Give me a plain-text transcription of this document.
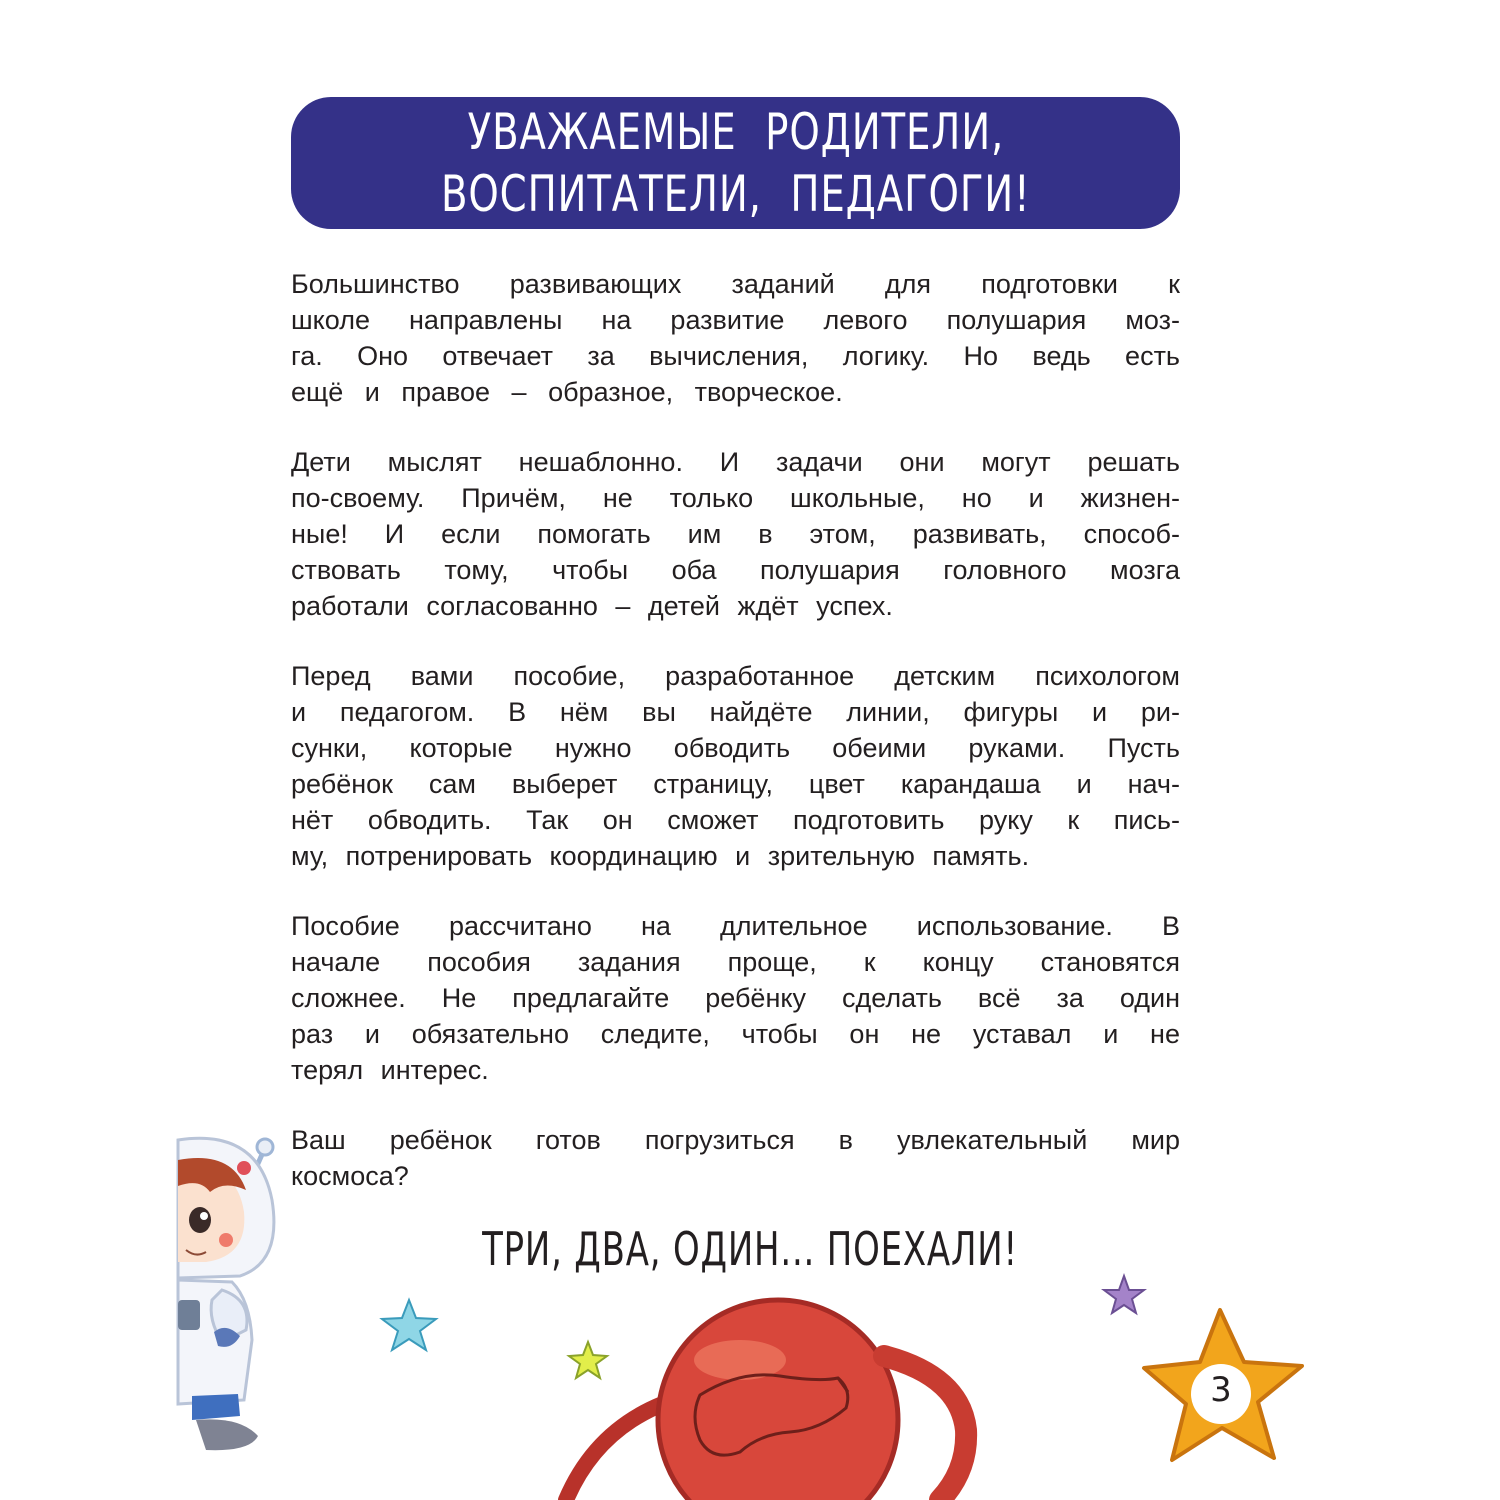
УВАЖАЕМЫЕ РОДИТЕЛИ,
ВОСПИТАТЕЛИ, ПЕДАГОГИ!
Большинство развивающих заданий для подготовки к
школе направлены на развитие левого полушария моз-
га. Оно отвечает за вычисления, логику. Но ведь есть
ещё и правое – образное, творческое.
Дети мыслят нешаблонно. И задачи они могут решать
по-своему. Причём, не только школьные, но и жизнен-
ные! И если помогать им в этом, развивать, способ-
ствовать тому, чтобы оба полушария головного мозга
работали согласованно – детей ждёт успех.
Перед вами пособие, разработанное детским психологом
и педагогом. В нём вы найдёте линии, фигуры и ри-
сунки, которые нужно обводить обеими руками. Пусть
ребёнок сам выберет страницу, цвет карандаша и нач-
нёт обводить. Так он сможет подготовить руку к пись-
му, потренировать координацию и зрительную память.
Пособие рассчитано на длительное использование. В
начале пособия задания проще, к концу становятся
сложнее. Не предлагайте ребёнку сделать всё за один
раз и обязательно следите, чтобы он не уставал и не
терял интерес.
Ваш ребёнок готов погрузиться в увлекательный мир
космоса?
ТРИ, ДВА, ОДИН... ПОЕХАЛИ!
3
